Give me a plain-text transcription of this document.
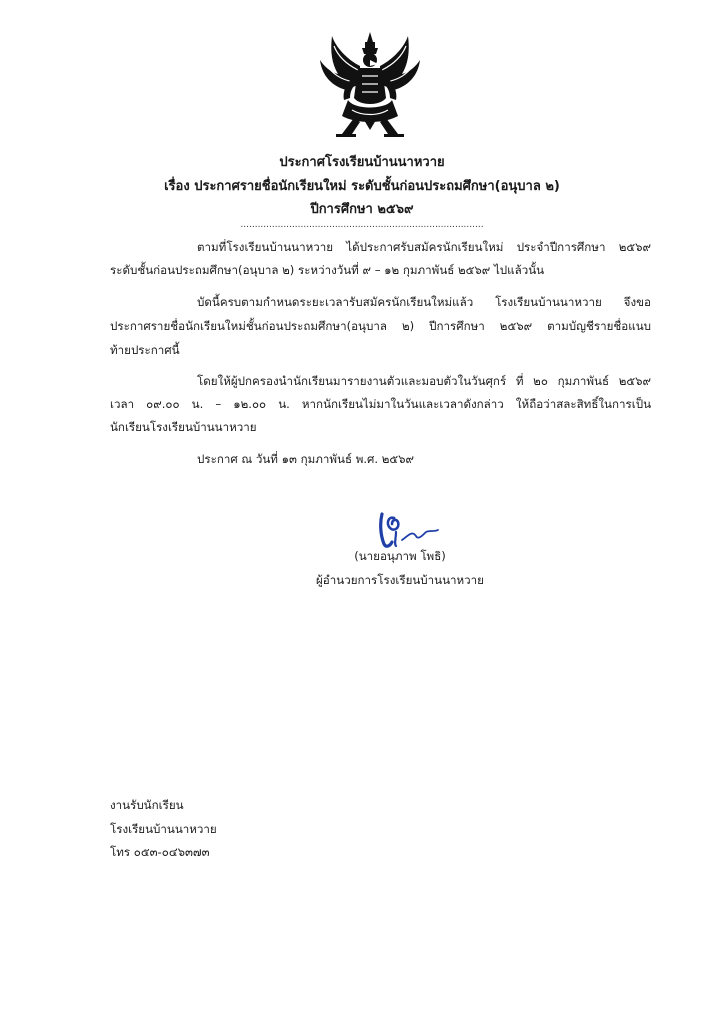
ประกาศโรงเรียนบ้านนาหวาย
เรื่อง ประกาศรายชื่อนักเรียนใหม่ ระดับชั้นก่อนประถมศึกษา(อนุบาล ๒)
ปีการศึกษา ๒๕๖๙
.....................................................................................
ตามที่โรงเรียนบ้านนาหวาย ได้ประกาศรับสมัครนักเรียนใหม่ ประจำปีการศึกษา ๒๕๖๙
ระดับชั้นก่อนประถมศึกษา(อนุบาล ๒) ระหว่างวันที่ ๙ – ๑๒ กุมภาพันธ์ ๒๕๖๙ ไปแล้วนั้น
บัดนี้ครบตามกำหนดระยะเวลารับสมัครนักเรียนใหม่แล้ว โรงเรียนบ้านนาหวาย จึงขอ
ประกาศรายชื่อนักเรียนใหม่ชั้นก่อนประถมศึกษา(อนุบาล ๒) ปีการศึกษา ๒๕๖๙ ตามบัญชีรายชื่อแนบ
ท้ายประกาศนี้
โดยให้ผู้ปกครองนำนักเรียนมารายงานตัวและมอบตัวในวันศุกร์ ที่ ๒๐ กุมภาพันธ์ ๒๕๖๙
เวลา ๐๙.๐๐ น. – ๑๒.๐๐ น. หากนักเรียนไม่มาในวันและเวลาดังกล่าว ให้ถือว่าสละสิทธิ์ในการเป็น
นักเรียนโรงเรียนบ้านนาหวาย
ประกาศ ณ วันที่ ๑๓ กุมภาพันธ์ พ.ศ. ๒๕๖๙
(นายอนุภาพ โพธิ)
ผู้อำนวยการโรงเรียนบ้านนาหวาย
งานรับนักเรียน
โรงเรียนบ้านนาหวาย
โทร ๐๕๓-๐๔๖๓๗๓
